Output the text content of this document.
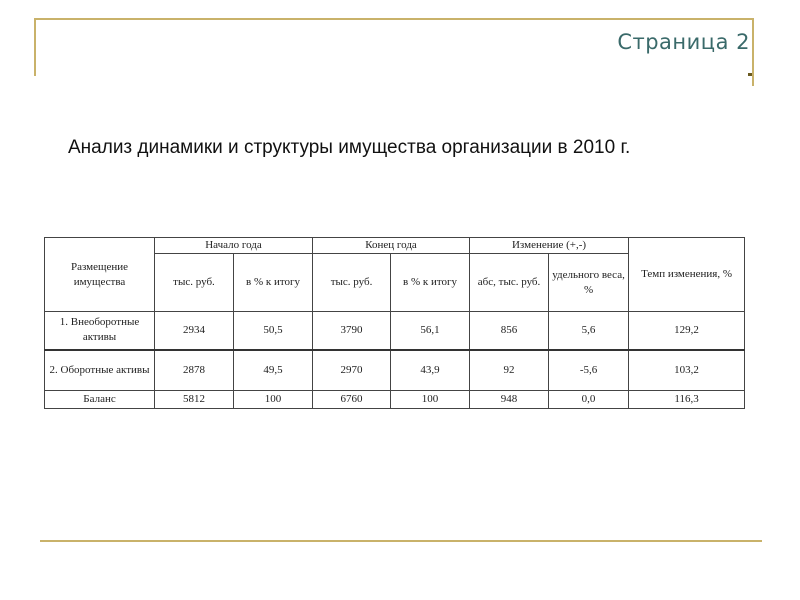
Страница 2
Анализ динамики и структуры имущества организации в 2010 г.
Размещение имущества	Начало года		Конец года		Изменение (+,-)		Темп изменения, %
	тыс. руб.	в % к итогу	тыс. руб.	в % к итогу	абс, тыс. руб.	удельного веса, %	
1. Внеоборотные активы	2934	50,5	3790	56,1	856	5,6	129,2
2. Оборотные активы	2878	49,5	2970	43,9	92	-5,6	103,2
Баланс	5812	100	6760	100	948	0,0	116,3
